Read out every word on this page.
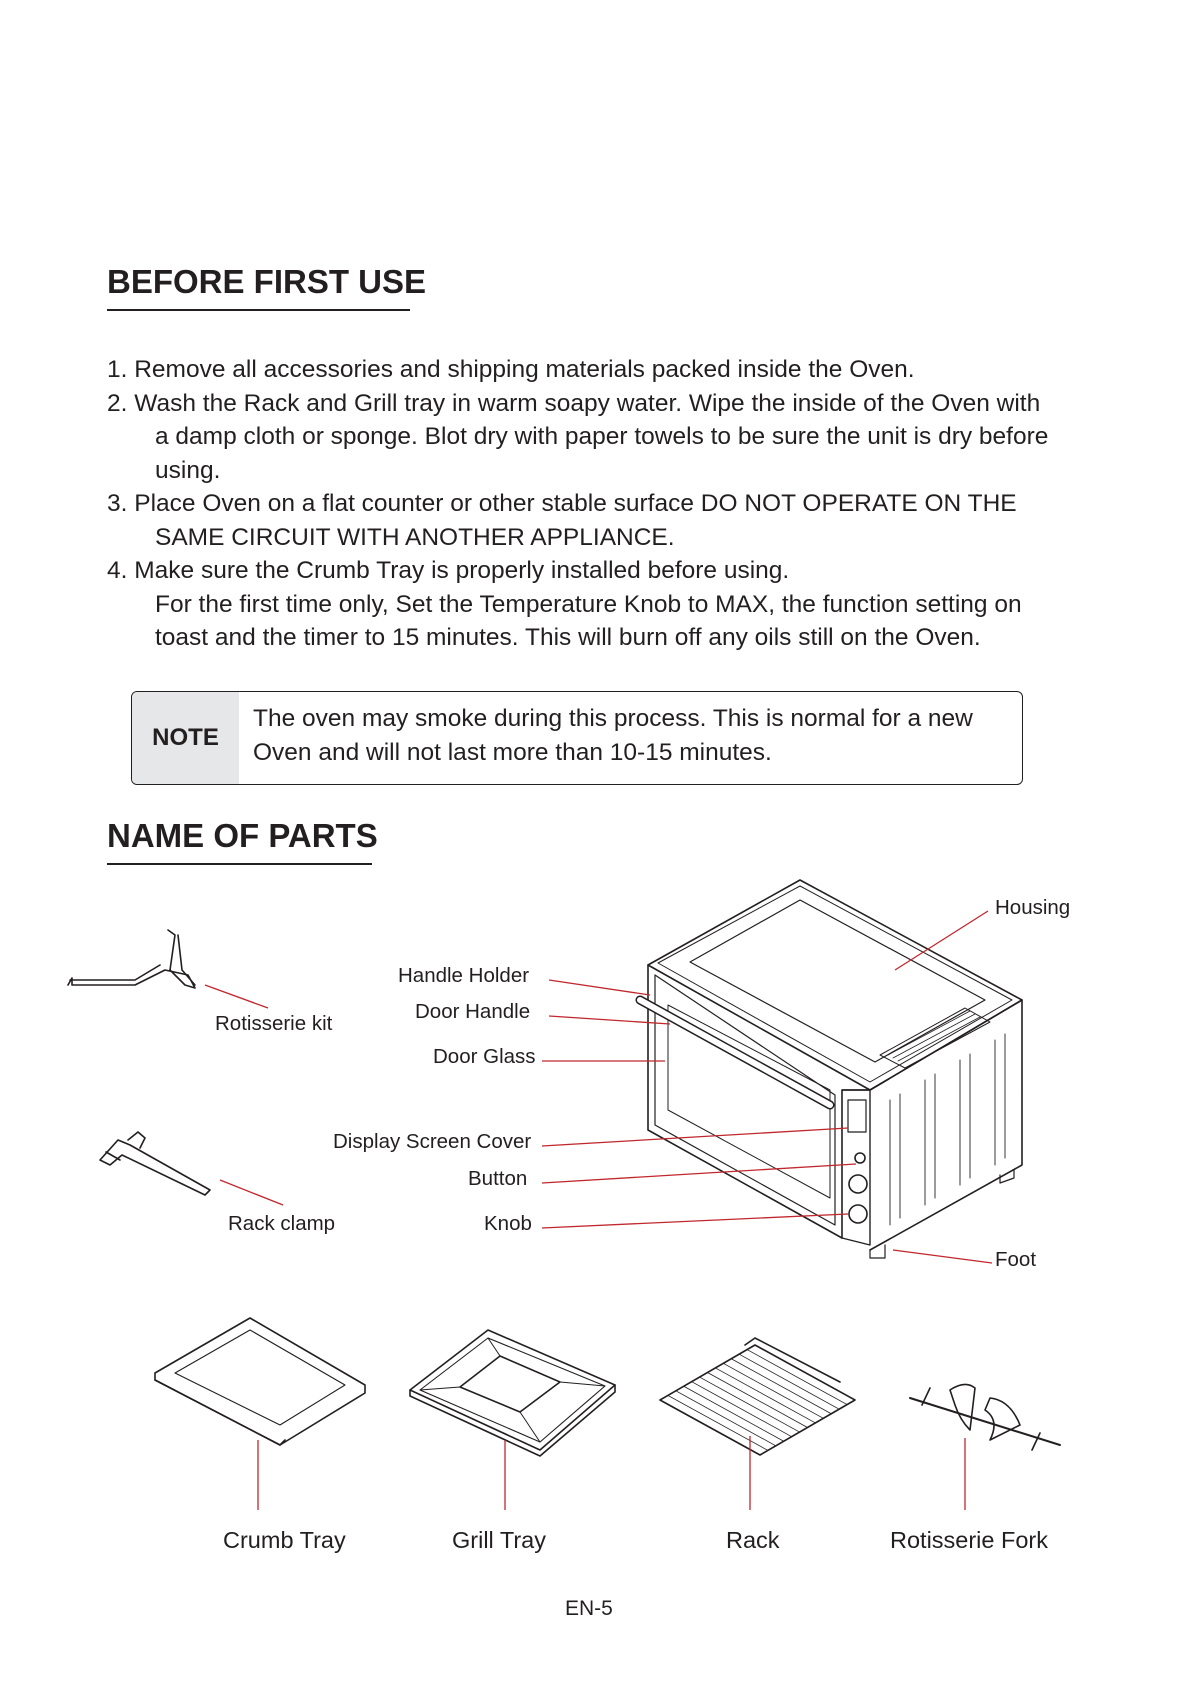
BEFORE FIRST USE
1. Remove all accessories and shipping materials packed inside the Oven.
2. Wash the Rack and Grill tray in warm soapy water. Wipe the inside of the Oven with
a damp cloth or sponge. Blot dry with paper towels to be sure the unit is dry before
using.
3. Place Oven on a flat counter or other stable surface DO NOT OPERATE ON THE
SAME CIRCUIT WITH ANOTHER APPLIANCE.
4. Make sure the Crumb Tray is properly installed before using.
For the first time only, Set the Temperature Knob to MAX, the function setting on
toast and the timer to 15 minutes. This will burn off any oils still on the Oven.
NOTE
The oven may smoke during this process. This is normal for a new
Oven and will not last more than 10-15 minutes.
NAME OF PARTS
Housing
Handle Holder
Door Handle
Door Glass
Display Screen Cover
Button
Knob
Foot
Rotisserie kit
Rack clamp
Crumb Tray	Grill Tray	Rack	Rotisserie Fork
EN-5
